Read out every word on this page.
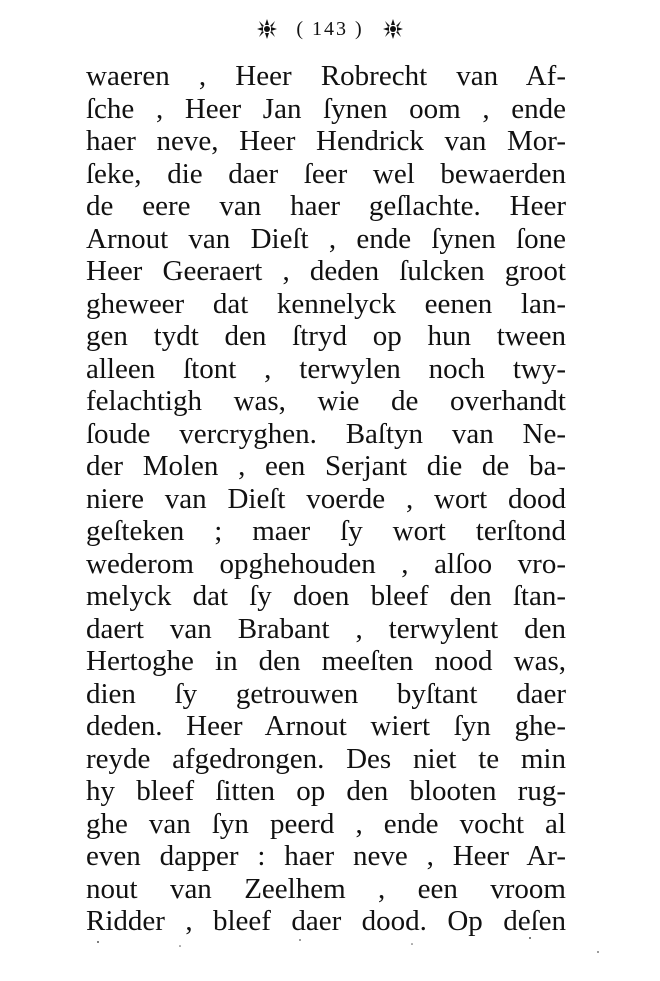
( 143 )
waeren , Heer Robrecht van Af-
ſche , Heer Jan ſynen oom , ende
haer neve, Heer Hendrick van Mor-
ſeke, die daer ſeer wel bewaerden
de eere van haer geſlachte. Heer
Arnout van Dieſt , ende ſynen ſone
Heer Geeraert , deden ſulcken groot
gheweer dat kennelyck eenen lan-
gen tydt den ſtryd op hun tween
alleen ſtont , terwylen noch twy-
felachtigh was, wie de overhandt
ſoude vercryghen. Baſtyn van Ne-
der Molen , een Serjant die de ba-
niere van Dieſt voerde , wort dood
geſteken ; maer ſy wort terſtond
wederom opghehouden , alſoo vro-
melyck dat ſy doen bleef den ſtan-
daert van Brabant , terwylent den
Hertoghe in den meeſten nood was,
dien ſy getrouwen byſtant daer
deden. Heer Arnout wiert ſyn ghe-
reyde afgedrongen. Des niet te min
hy bleef ſitten op den blooten rug-
ghe van ſyn peerd , ende vocht al
even dapper : haer neve , Heer Ar-
nout van Zeelhem , een vroom
Ridder , bleef daer dood. Op deſen
